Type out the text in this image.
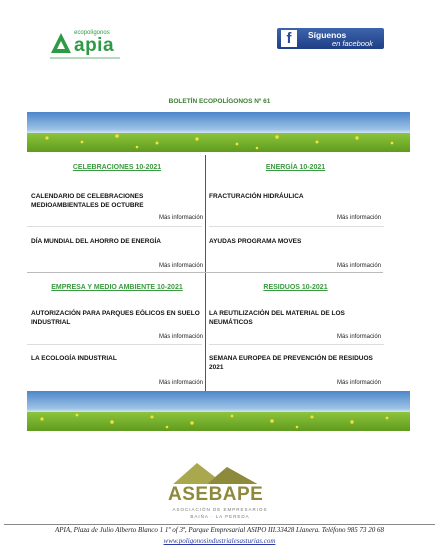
ecopolígonos
apia	f	Síguenos
en facebook
BOLETÍN ECOPOLÍGONOS Nº 61
CELEBRACIONES 10-2021
CALENDARIO DE CELEBRACIONES MEDIOAMBIENTALES DE OCTUBRE
Más información
DÍA MUNDIAL DEL AHORRO DE ENERGÍA
Más información
ENERGÍA 10-2021
FRACTURACIÓN HIDRÁULICA
Más información
AYUDAS PROGRAMA MOVES
Más información
EMPRESA Y MEDIO AMBIENTE 10-2021
AUTORIZACIÓN PARA PARQUES EÓLICOS EN SUELO INDUSTRIAL
Más información
LA ECOLOGÍA INDUSTRIAL
Más información
RESIDUOS 10-2021
LA REUTILIZACIÓN DEL MATERIAL DE LOS NEUMÁTICOS
Más información
SEMANA EUROPEA DE PREVENCIÓN DE RESIDUOS 2021
Más información
ASEBAPE
ASOCIACIÓN DE EMPRESARIOS
BAIÑA · LA PEREDA
APIA, Plaza de Julio Alberto Blanco 1 1º of 3ª, Parque Empresarial ASIPO III.33428 Llanera. Teléfono 985 73 20 68
www.poligonosindustrialesasturias.com
